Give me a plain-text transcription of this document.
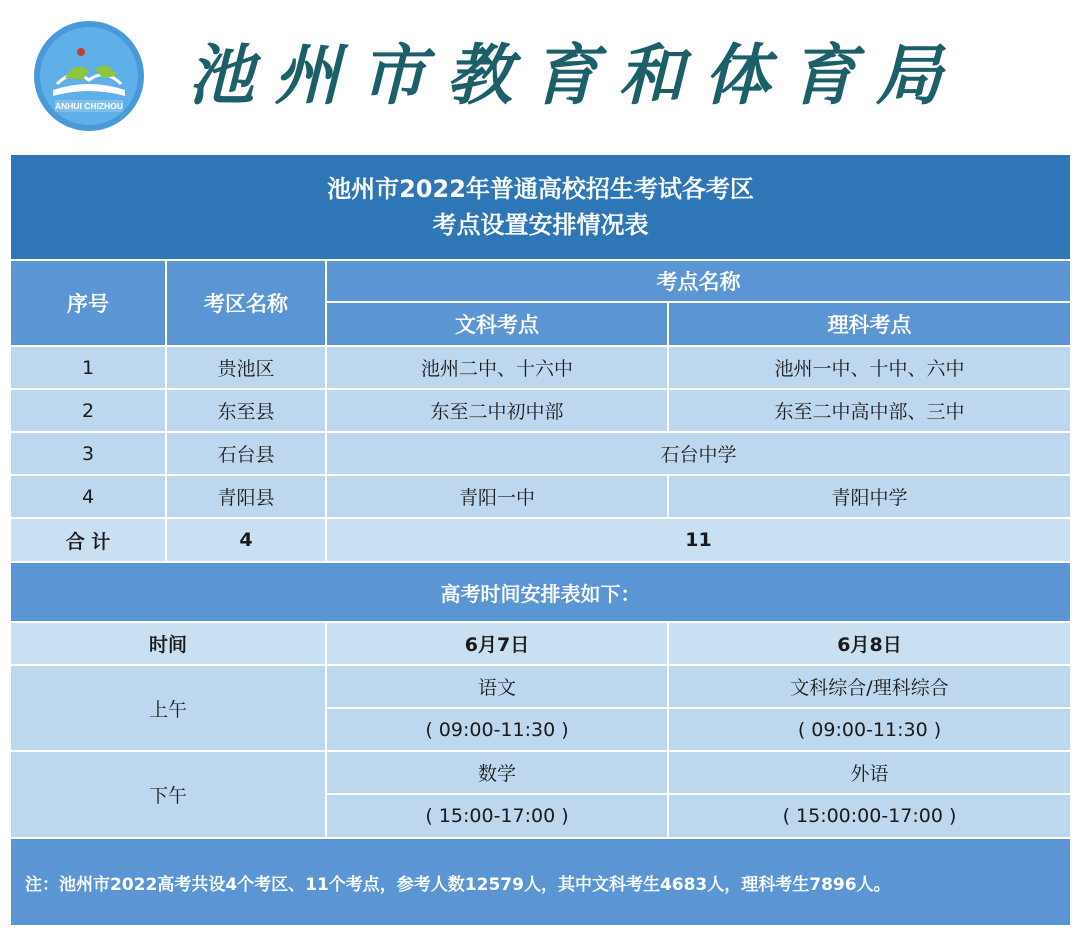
ANHUI CHIZHOU 池州市教育和体育局
池州市2022年普通高校招生考试各考区
考点设置安排情况表
序号	考区名称
考点名称
文科考点	理科考点
1	贵池区	池州二中、十六中	池州一中、十中、六中
2	东至县	东至二中初中部	东至二中高中部、三中
3	石台县	石台中学
4	青阳县	青阳一中	青阳中学
合 计	4	11
高考时间安排表如下：
时间	6月7日	6月8日
上午
语文	文科综合/理科综合
( 09:00-11:30 )	( 09:00-11:30 )
下午
数学	外语
( 15:00-17:00 )	( 15:00:00-17:00 )
注：池州市2022高考共设4个考区、11个考点，参考人数12579人，其中文科考生4683人，理科考生7896人。
